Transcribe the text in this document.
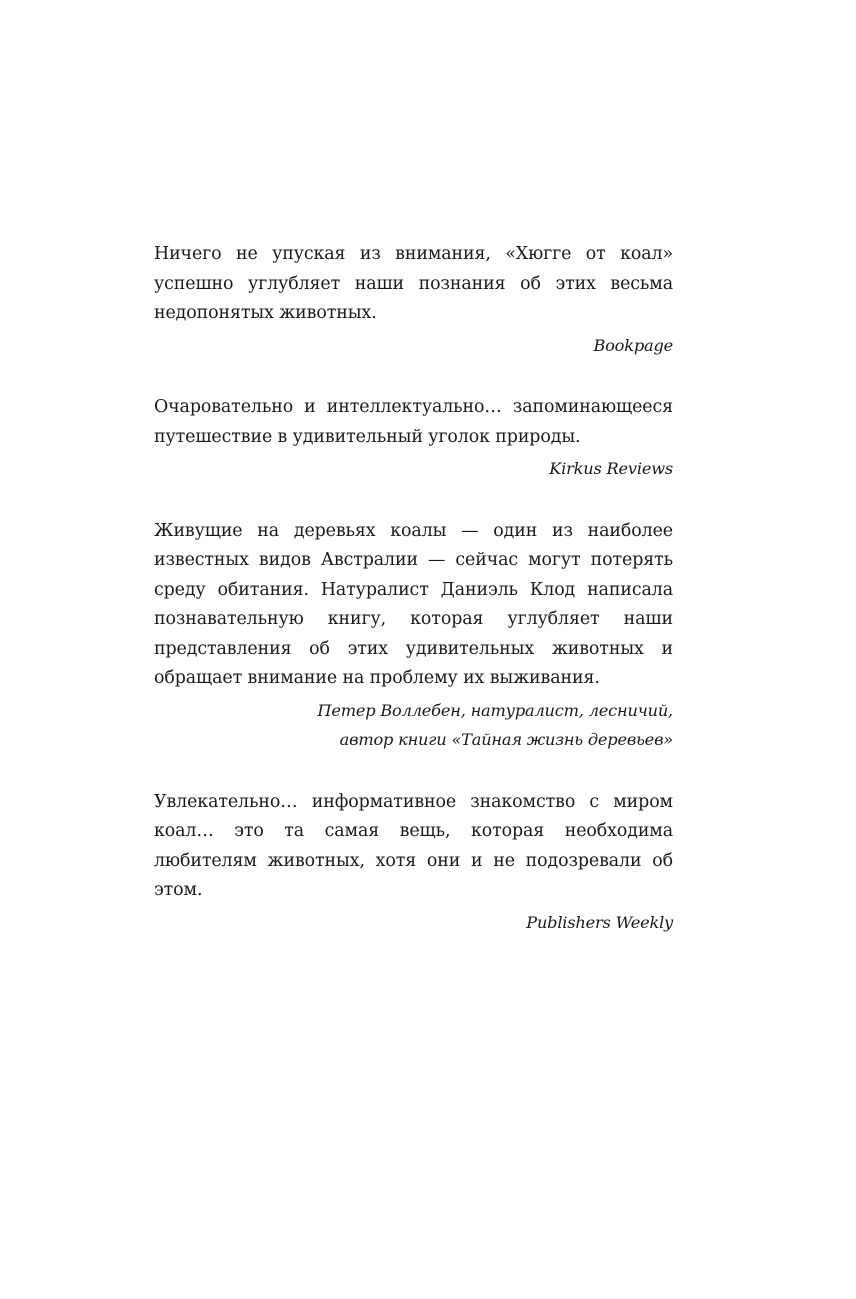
Ничего не упуская из внимания, «Хюгге от коал» успешно углубляет наши познания об этих весьма недопонятых животных.

Bookpage

Очаровательно и интеллектуально… запоминающееся путешествие в удивительный уголок природы.

Kirkus Reviews

Живущие на деревьях коалы — один из наиболее известных видов Австралии — сейчас могут потерять среду обитания. Натуралист Даниэль Клод написала познавательную книгу, которая углубляет наши представления об этих удивительных животных и обращает внимание на проблему их выживания.

Петер Воллебен, натуралист, лесничий,
автор книги «Тайная жизнь деревьев»

Увлекательно… информативное знакомство с миром коал… это та самая вещь, которая необходима любителям животных, хотя они и не подозревали об этом.

Publishers Weekly
